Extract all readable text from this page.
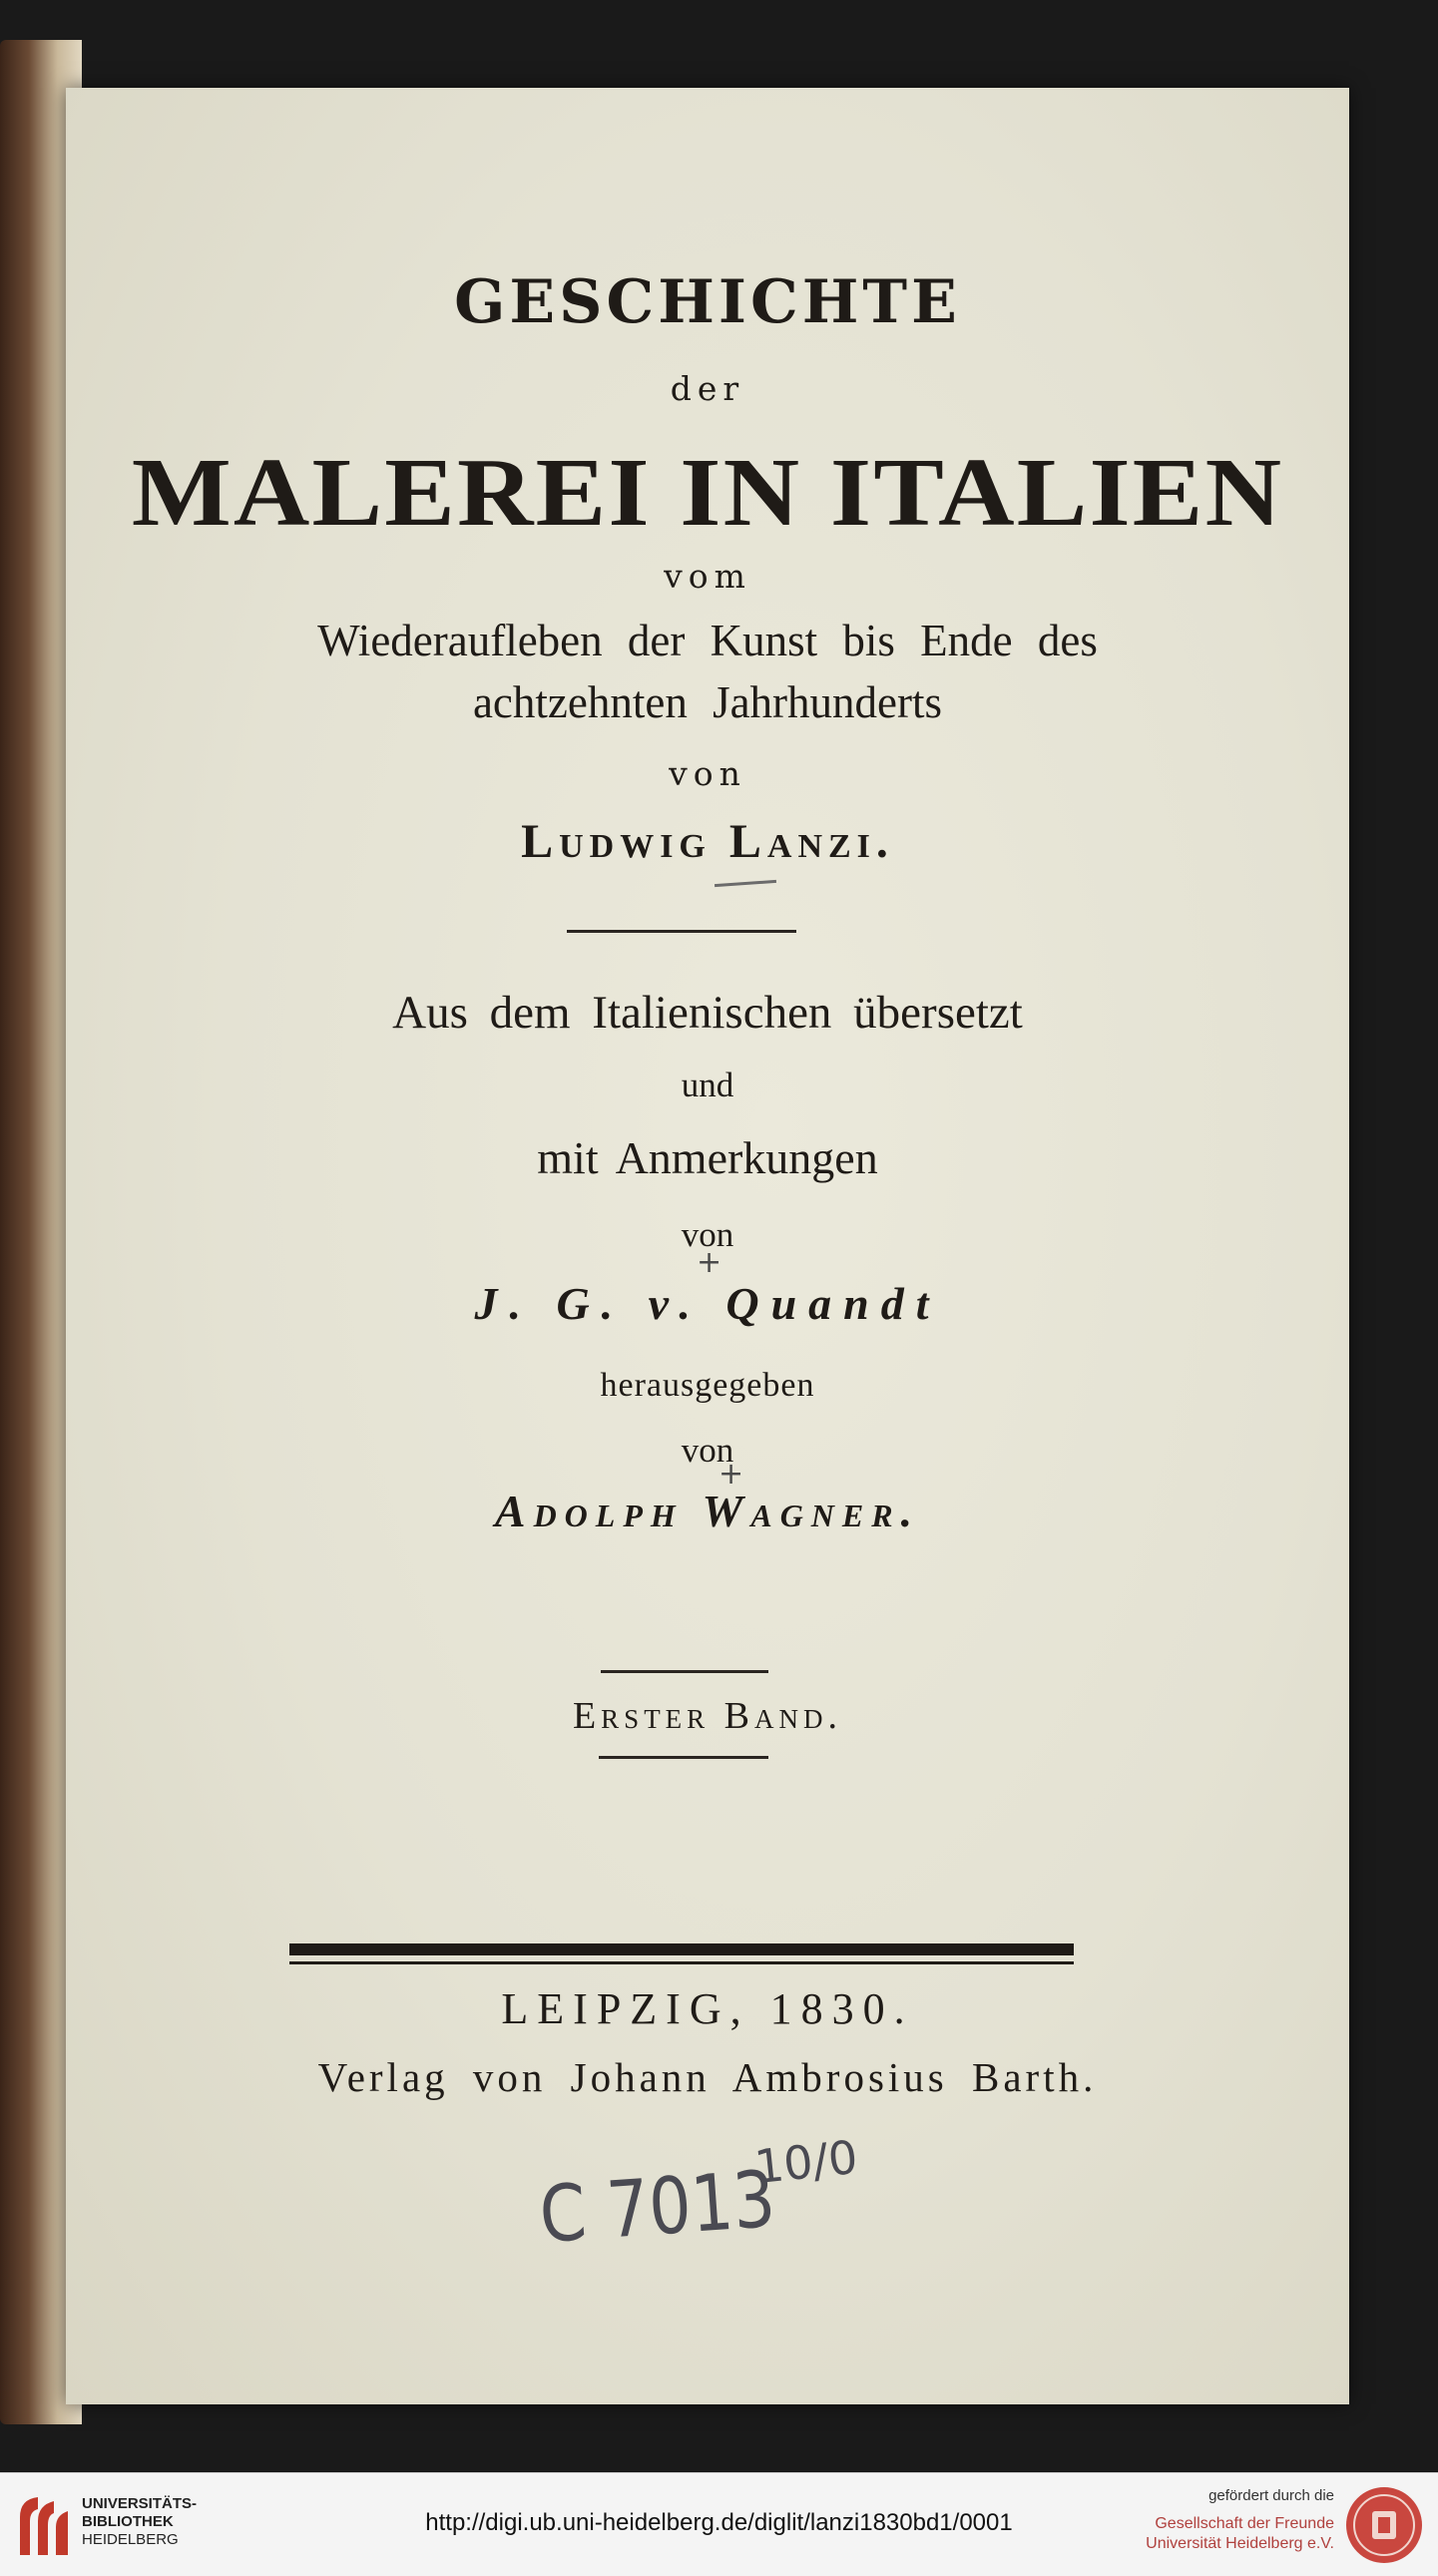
GESCHICHTE
der
MALEREI IN ITALIEN
vom
Wiederaufleben der Kunst bis Ende des
achtzehnten Jahrhunderts
von
Ludwig Lanzi.
Aus dem Italienischen übersetzt
und
mit Anmerkungen
von
+
J. G. v. Quandt
herausgegeben
von
+
Adolph Wagner.
Erster Band.
LEIPZIG, 1830.
Verlag von Johann Ambrosius Barth.
C 7013
10/0
UNIVERSITÄTS-
BIBLIOTHEK
HEIDELBERG
http://digi.ub.uni-heidelberg.de/diglit/lanzi1830bd1/0001
gefördert durch die
Gesellschaft der Freunde
Universität Heidelberg e.V.
